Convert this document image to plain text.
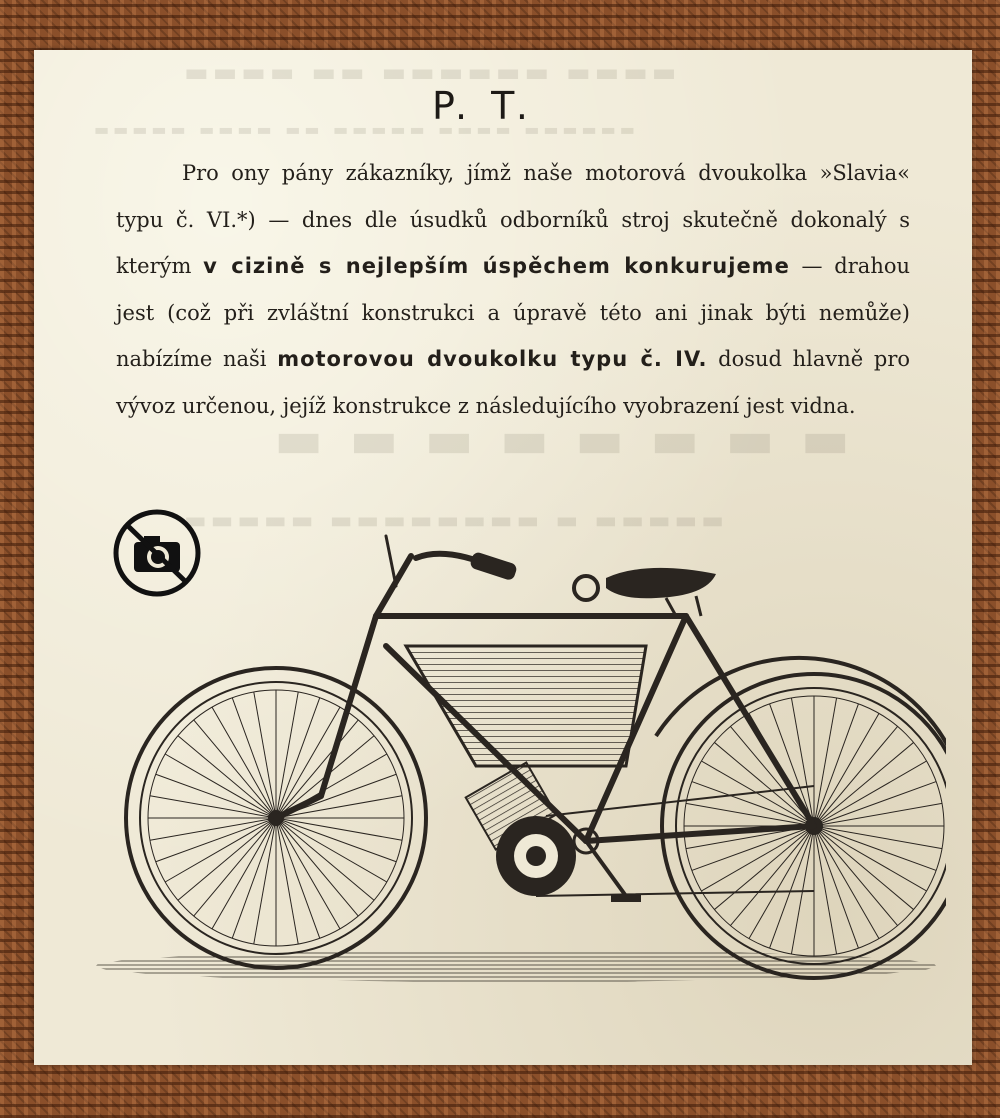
▬▬▬▬ ▬▬ ▬▬▬▬▬▬ ▬▬▬▬
▬▬▬▬▬ ▬▬▬▬ ▬▬ ▬▬▬▬▬ ▬▬▬▬ ▬▬▬▬▬▬
▬ ▬ ▬ ▬ ▬ ▬ ▬ ▬
▬▬▬▬▬ ▬▬▬▬▬▬▬▬ ▬ ▬▬▬▬▬
P. T.
Pro ony pány zákazníky, jímž naše motorová dvoukolka »Slavia« typu č. VI.*) — dnes dle úsudků odborníků stroj skutečně dokonalý s kterým v cizině s nejlepším úspěchem konkurujeme — drahou jest (což při zvláštní konstrukci a úpravě této ani jinak býti nemůže) nabízíme naši motorovou dvoukolku typu č. IV. dosud hlavně pro vývoz určenou, jejíž konstrukce z následujícího vyobrazení jest vidna.
